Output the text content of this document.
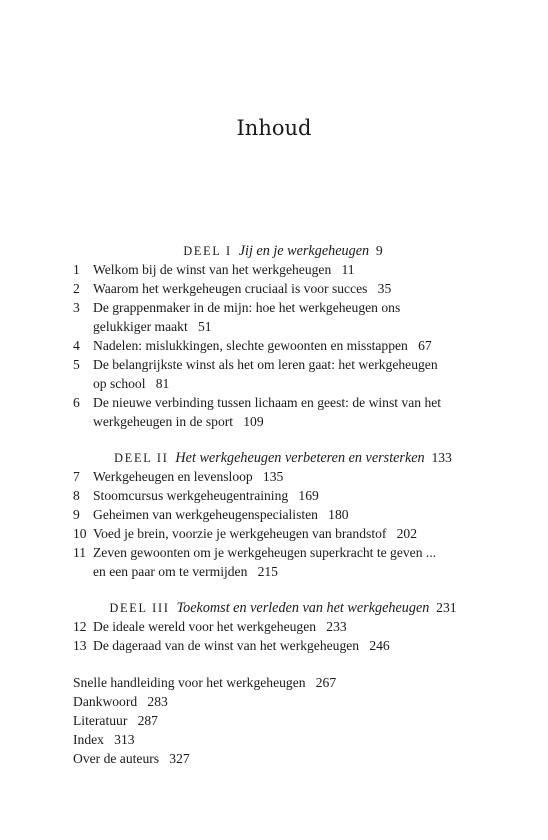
Inhoud

DEEL I Jij en je werkgeheugen 9

1 Welkom bij de winst van het werkgeheugen 11
2 Waarom het werkgeheugen cruciaal is voor succes 35
3 De grappenmaker in de mijn: hoe het werkgeheugen ons
gelukkiger maakt 51
4 Nadelen: mislukkingen, slechte gewoonten en misstappen 67
5 De belangrijkste winst als het om leren gaat: het werkgeheugen
op school 81
6 De nieuwe verbinding tussen lichaam en geest: de winst van het
werkgeheugen in de sport 109

DEEL II Het werkgeheugen verbeteren en versterken 133

7 Werkgeheugen en levensloop 135
8 Stoomcursus werkgeheugentraining 169
9 Geheimen van werkgeheugenspecialisten 180
10 Voed je brein, voorzie je werkgeheugen van brandstof 202
11 Zeven gewoonten om je werkgeheugen superkracht te geven ...
en een paar om te vermijden 215

DEEL III Toekomst en verleden van het werkgeheugen 231

12 De ideale wereld voor het werkgeheugen 233
13 De dageraad van de winst van het werkgeheugen 246

Snelle handleiding voor het werkgeheugen 267

Dankwoord 283

Literatuur 287

Index 313

Over de auteurs 327
